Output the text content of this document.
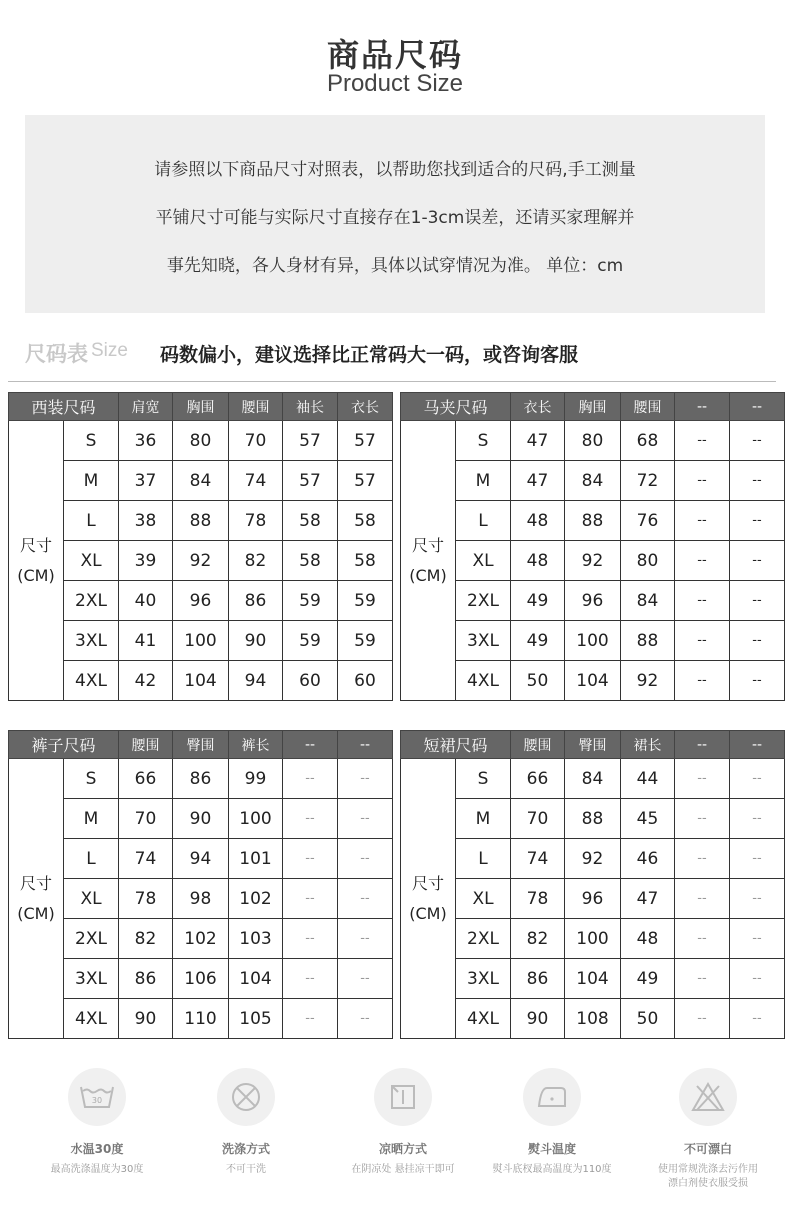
商品尺码
Product Size

请参照以下商品尺寸对照表，以帮助您找到适合的尺码,手工测量

平铺尺寸可能与实际尺寸直接存在1-3cm误差，还请买家理解并

事先知晓，各人身材有异，具体以试穿情况为准。 单位：cm

尺码表 Size 码数偏小，建议选择比正常码大一码，或咨询客服
西装尺码		肩宽	胸围	腰围	袖长	衣长

尺寸
(CM)	S	36	80	70	57	57
	M	37	84	74	57	57
	L	38	88	78	58	58
	XL	39	92	82	58	58
	2XL	40	96	86	59	59
	3XL	41	100	90	59	59
	4XL	42	104	94	60	60
马夹尺码		衣长	胸围	腰围	--	--

尺寸
(CM)	S	47	80	68	--	--
	M	47	84	72	--	--
	L	48	88	76	--	--
	XL	48	92	80	--	--
	2XL	49	96	84	--	--
	3XL	49	100	88	--	--
	4XL	50	104	92	--	--
裤子尺码		腰围	臀围	裤长	--	--

尺寸
(CM)	S	66	86	99	--	--
	M	70	90	100	--	--
	L	74	94	101	--	--
	XL	78	98	102	--	--
	2XL	82	102	103	--	--
	3XL	86	106	104	--	--
	4XL	90	110	105	--	--
短裙尺码		腰围	臀围	裙长	--	--

尺寸
(CM)	S	66	84	44	--	--
	M	70	88	45	--	--
	L	74	92	46	--	--
	XL	78	96	47	--	--
	2XL	82	100	48	--	--
	3XL	86	104	49	--	--
	4XL	90	108	50	--	--
30
水温30度
最高洗涤温度为30度
洗涤方式
不可干洗
凉晒方式
在阴凉处 悬挂凉干即可
熨斗温度
熨斗底杈最高温度为110度
不可漂白
使用常规洗涤去污作用
漂白剂使衣服受损
